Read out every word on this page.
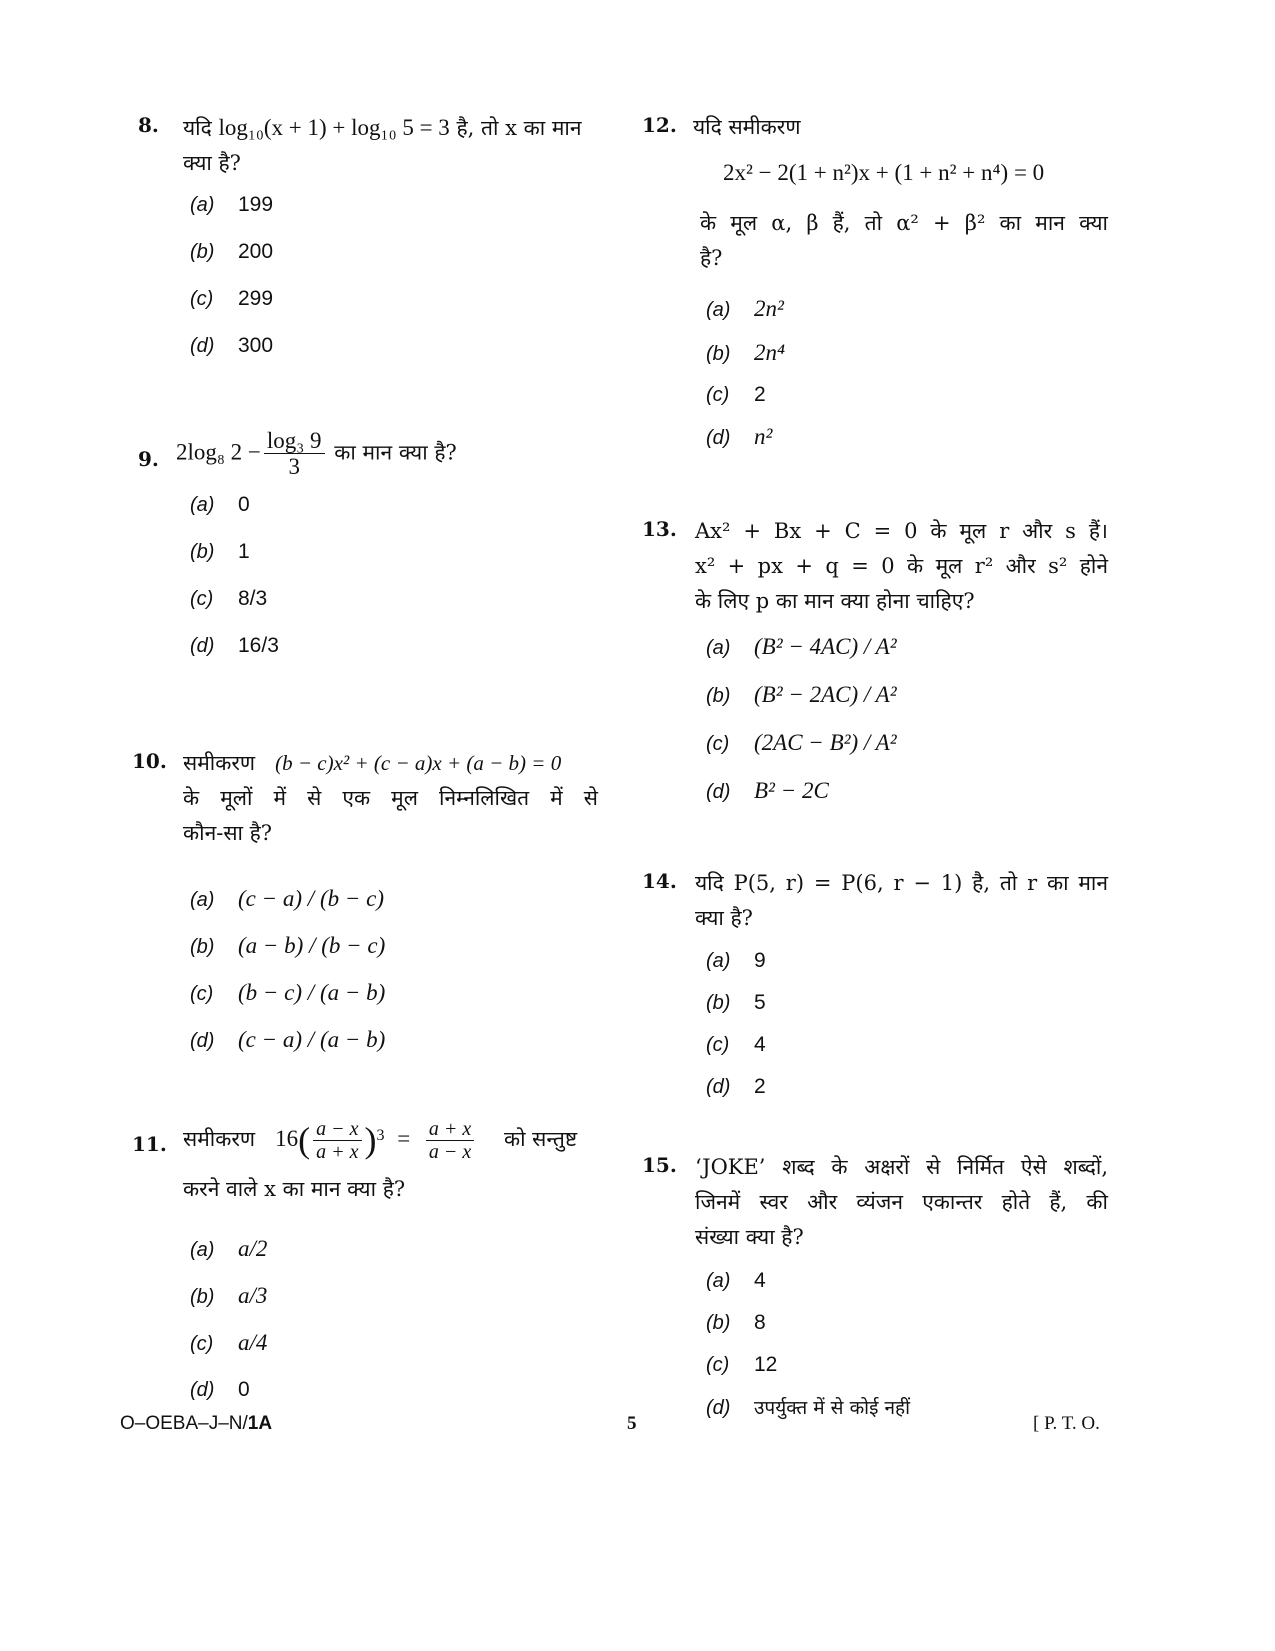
8. यदि log₁₀(x + 1) + log₁₀ 5 = 3 है, तो x का मान क्या है?
(a) 199
(b) 200
(c) 299
(d) 300
9. 2log₈ $2 - \frac{\text{log₃ 9}}{3}$ का मान क्या है?
(a) 0
(b) 1
(c) 8/3
(d) 16/3
10. समीकरण (b − c)x² + (c − a)x + (a − b) = 0
के मूलों में से एक मूल निम्नलिखित में से
कौन-सा है?
(a) (c − a) / (b − c)
(b) (a − b) / (b − c)
(c) (b − c) / (a − b)
(d) (c − a) / (a − b)
11. समीकरण $16( \frac{a - x}{a + x} )^3 = \frac{a + x}{a - x}$ को सन्तुष्ट
करने वाले x का मान क्या है?
(a) a/2
(b) a/3
(c) a/4
(d) 0
12. यदि समीकरण
2x² − 2(1 + n²)x + (1 + n² + n⁴) = 0
के मूल α, β हैं, तो α² + β² का मान क्या
है?
(a) 2n²
(b) 2n⁴
(c) 2
(d) n²
13. Ax² + Bx + C = 0 के मूल r और s हैं।
x² + px + q = 0 के मूल r² और s² होने
के लिए p का मान क्या होना चाहिए?
(a) (B² − 4AC) / A²
(b) (B² − 2AC) / A²
(c) (2AC − B²) / A²
(d) B² − 2C
14. यदि P(5, r) = P(6, r − 1) है, तो r का मान
क्या है?
(a) 9
(b) 5
(c) 4
(d) 2
15. ‘JOKE’ शब्द के अक्षरों से निर्मित ऐसे शब्दों,
जिनमें स्वर और व्यंजन एकान्तर होते हैं, की
संख्या क्या है?
(a) 4
(b) 8
(c) 12
(d) उपर्युक्त में से कोई नहीं
O–OEBA–J–N/1A	5	[ P. T. O.
